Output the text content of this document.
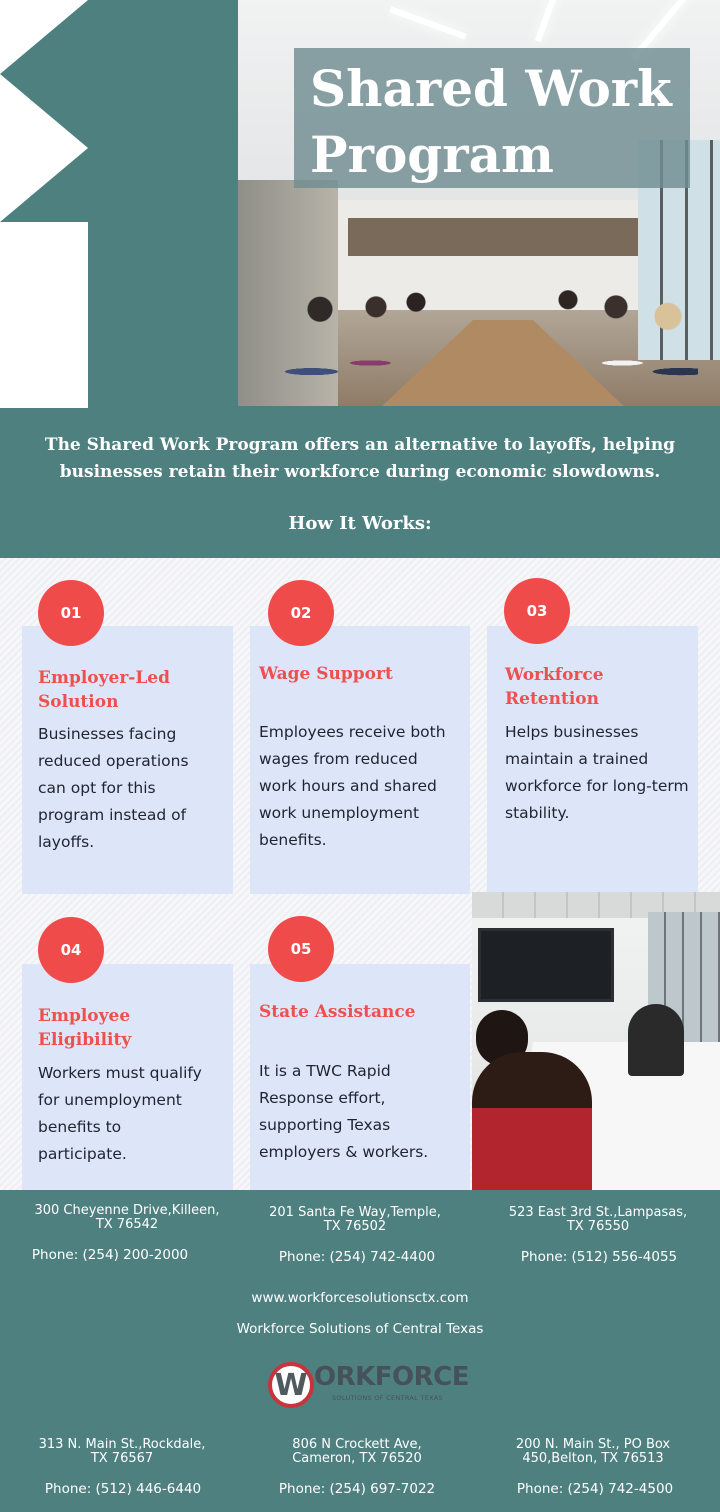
Shared Work
Program

The Shared Work Program offers an alternative to layoffs, helping
businesses retain their workforce during economic slowdowns.

How It Works:
Employer-Led
Solution

Businesses facing
reduced operations
can opt for this
program instead of
layoffs.

01
Wage Support

Employees receive both
wages from reduced
work hours and shared
work unemployment
benefits.

02
Workforce
Retention

Helps businesses
maintain a trained
workforce for long-term
stability.

03
Employee
Eligibility

Workers must qualify
for unemployment
benefits to
participate.

04
State Assistance

It is a TWC Rapid
Response effort,
supporting Texas
employers & workers.

05
300 Cheyenne Drive,Killeen,
TX 76542
Phone: (254) 200-2000
201 Santa Fe Way,Temple,
TX 76502
Phone: (254) 742-4400
523 East 3rd St.,Lampasas,
TX 76550
Phone: (512) 556-4055
www.workforcesolutionsctx.com
Workforce Solutions of Central Texas
W ORKFORCE
SOLUTIONS OF CENTRAL TEXAS
313 N. Main St.,Rockdale,
TX 76567
Phone: (512) 446-6440
806 N Crockett Ave,
Cameron, TX 76520
Phone: (254) 697-7022
200 N. Main St., PO Box
450,Belton, TX 76513
Phone: (254) 742-4500
